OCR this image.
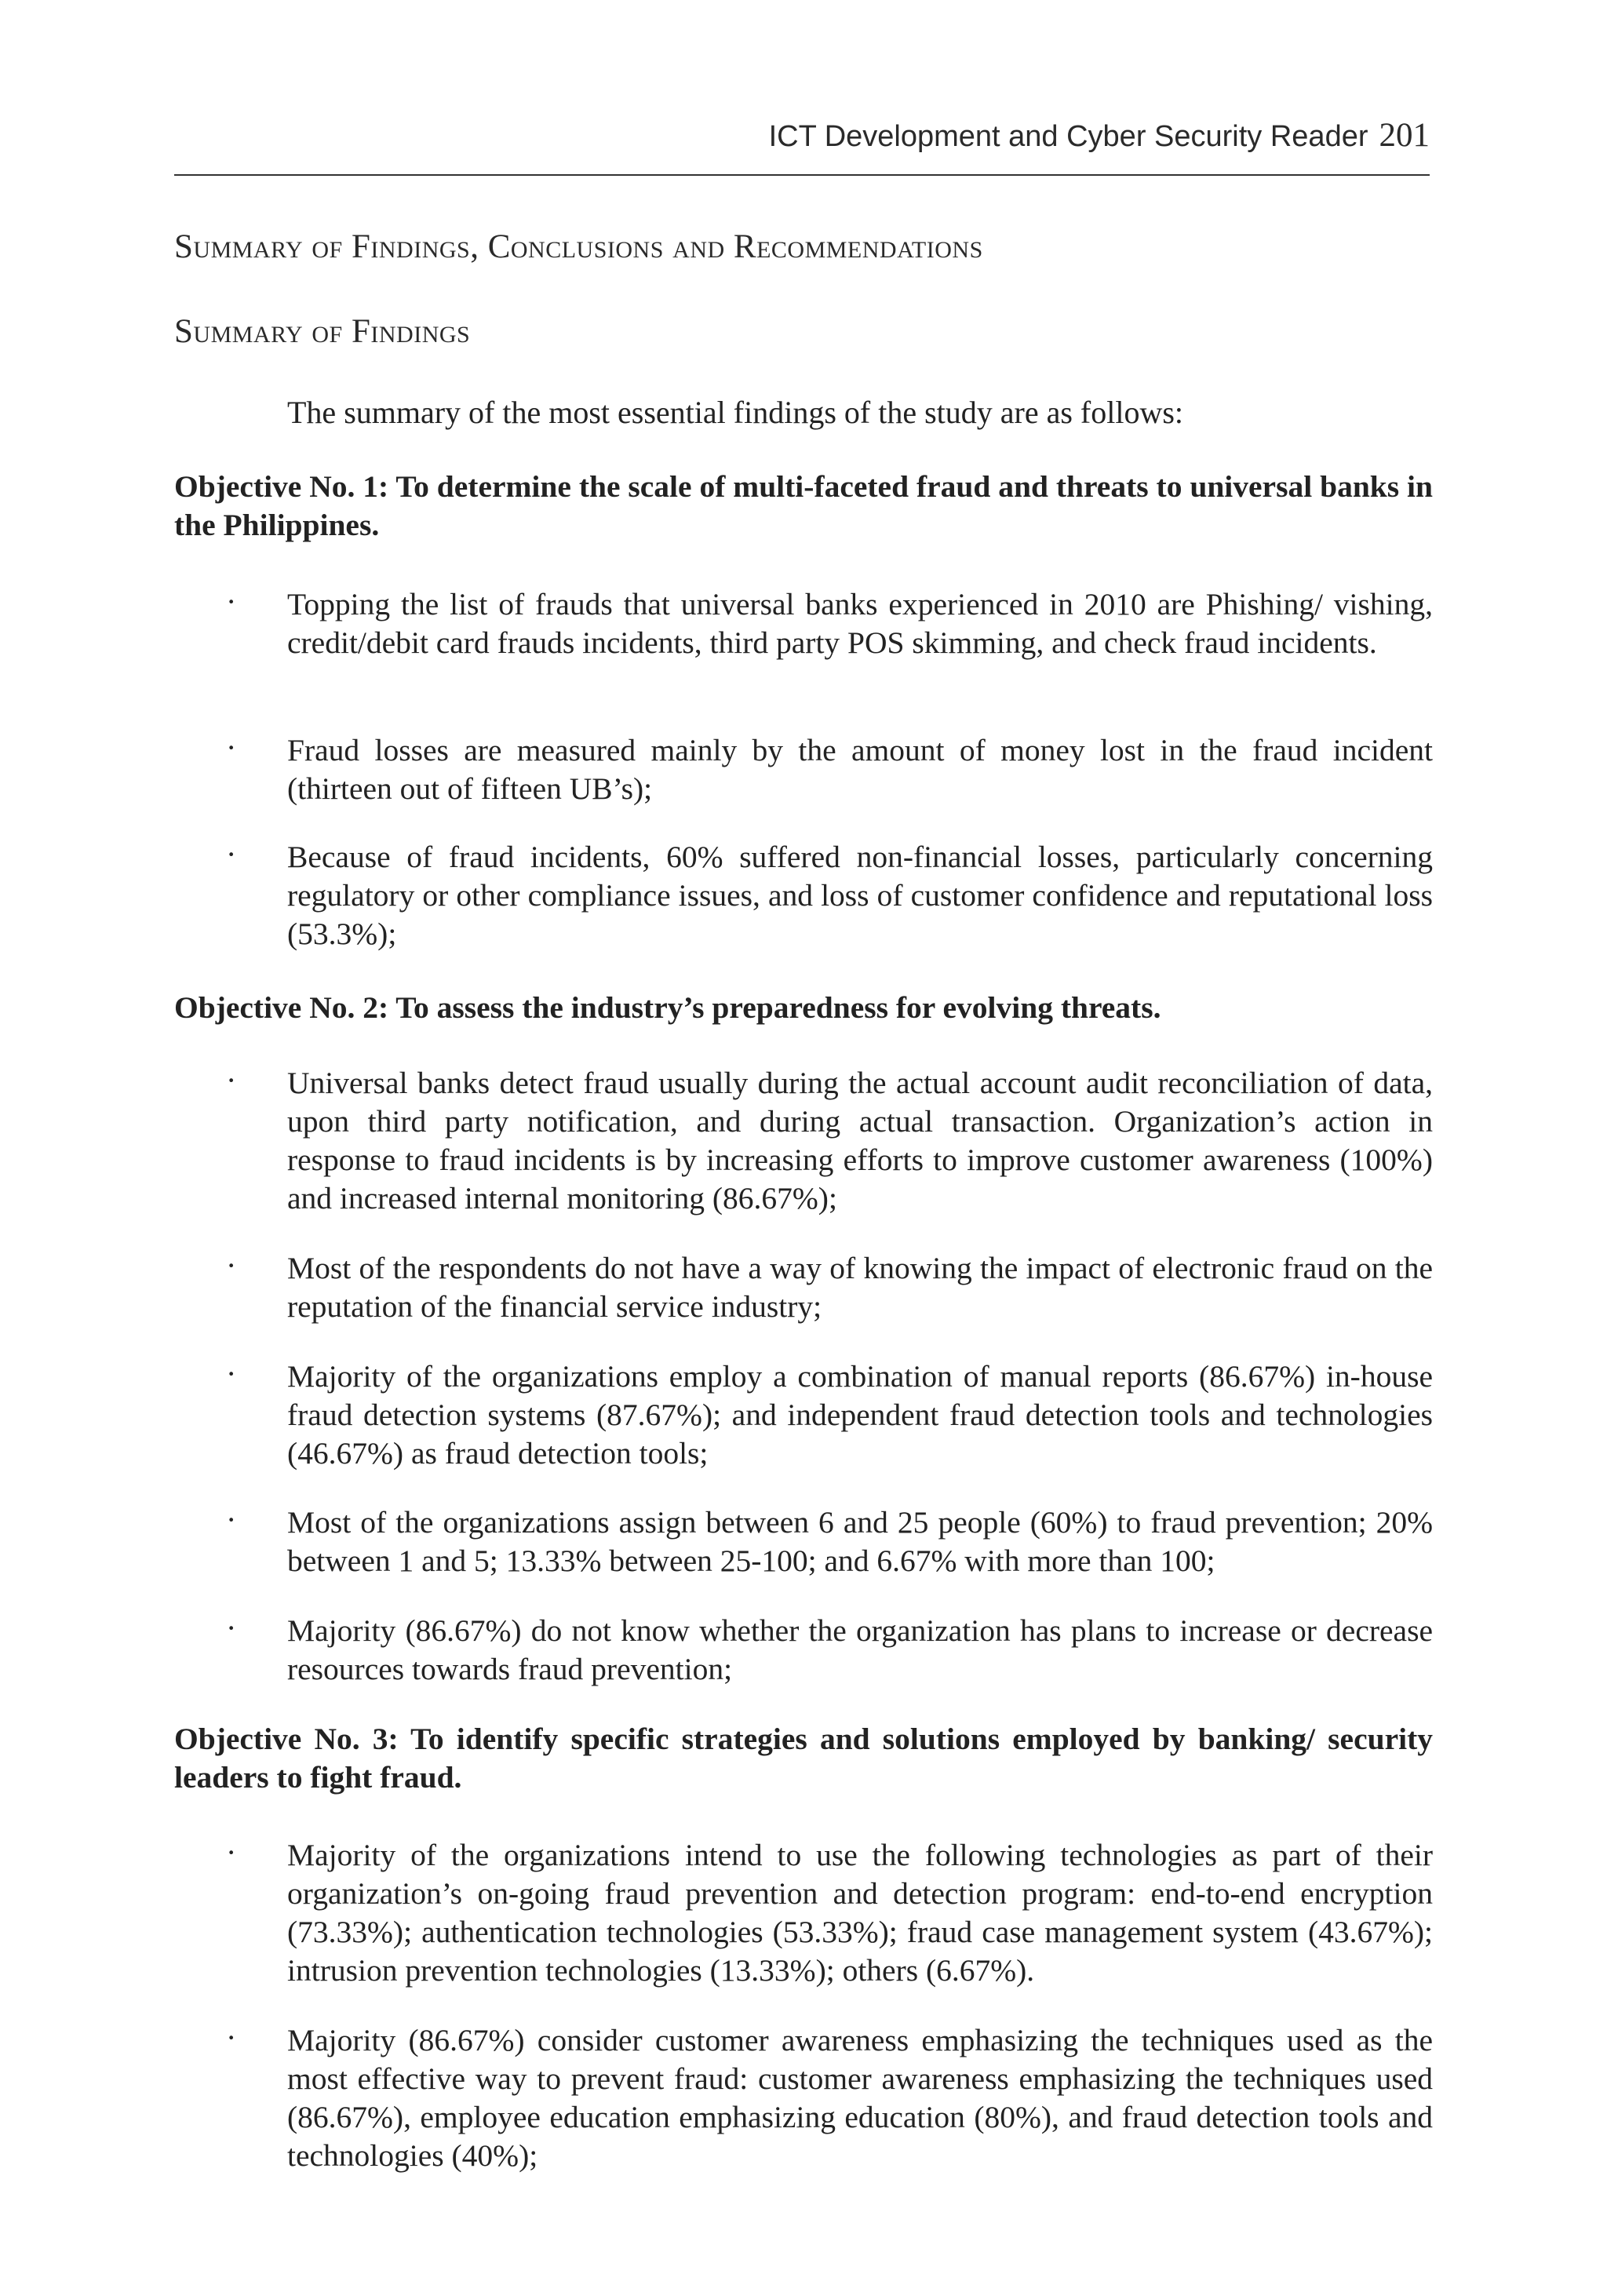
ICT Development and Cyber Security Reader 201
Summary of Findings, Conclusions and Recommendations
Summary of Findings
The summary of the most essential findings of the study are as follows:
Objective No. 1: To determine the scale of multi-faceted fraud and threats to universal banks in the Philippines.
· Topping the list of frauds that universal banks experienced in 2010 are Phishing/ vishing, credit/debit card frauds incidents, third party POS skimming, and check fraud incidents.
· Fraud losses are measured mainly by the amount of money lost in the fraud incident (thirteen out of fifteen UB’s);
· Because of fraud incidents, 60% suffered non-financial losses, particularly concerning regulatory or other compliance issues, and loss of customer confidence and reputational loss (53.3%);
Objective No. 2: To assess the industry’s preparedness for evolving threats.
· Universal banks detect fraud usually during the actual account audit reconciliation of data, upon third party notification, and during actual transaction. Organization’s action in response to fraud incidents is by increasing efforts to improve customer awareness (100%) and increased internal monitoring (86.67%);
· Most of the respondents do not have a way of knowing the impact of electronic fraud on the reputation of the financial service industry;
· Majority of the organizations employ a combination of manual reports (86.67%) in-house fraud detection systems (87.67%); and independent fraud detection tools and technologies (46.67%) as fraud detection tools;
· Most of the organizations assign between 6 and 25 people (60%) to fraud prevention; 20% between 1 and 5; 13.33% between 25-100; and 6.67% with more than 100;
· Majority (86.67%) do not know whether the organization has plans to increase or decrease resources towards fraud prevention;
Objective No. 3: To identify specific strategies and solutions employed by banking/ security leaders to fight fraud.
· Majority of the organizations intend to use the following technologies as part of their organization’s on-going fraud prevention and detection program: end-to-end encryption (73.33%); authentication technologies (53.33%); fraud case management system (43.67%); intrusion prevention technologies (13.33%); others (6.67%).
· Majority (86.67%) consider customer awareness emphasizing the techniques used as the most effective way to prevent fraud: customer awareness emphasizing the techniques used (86.67%), employee education emphasizing education (80%), and fraud detection tools and technologies (40%);
